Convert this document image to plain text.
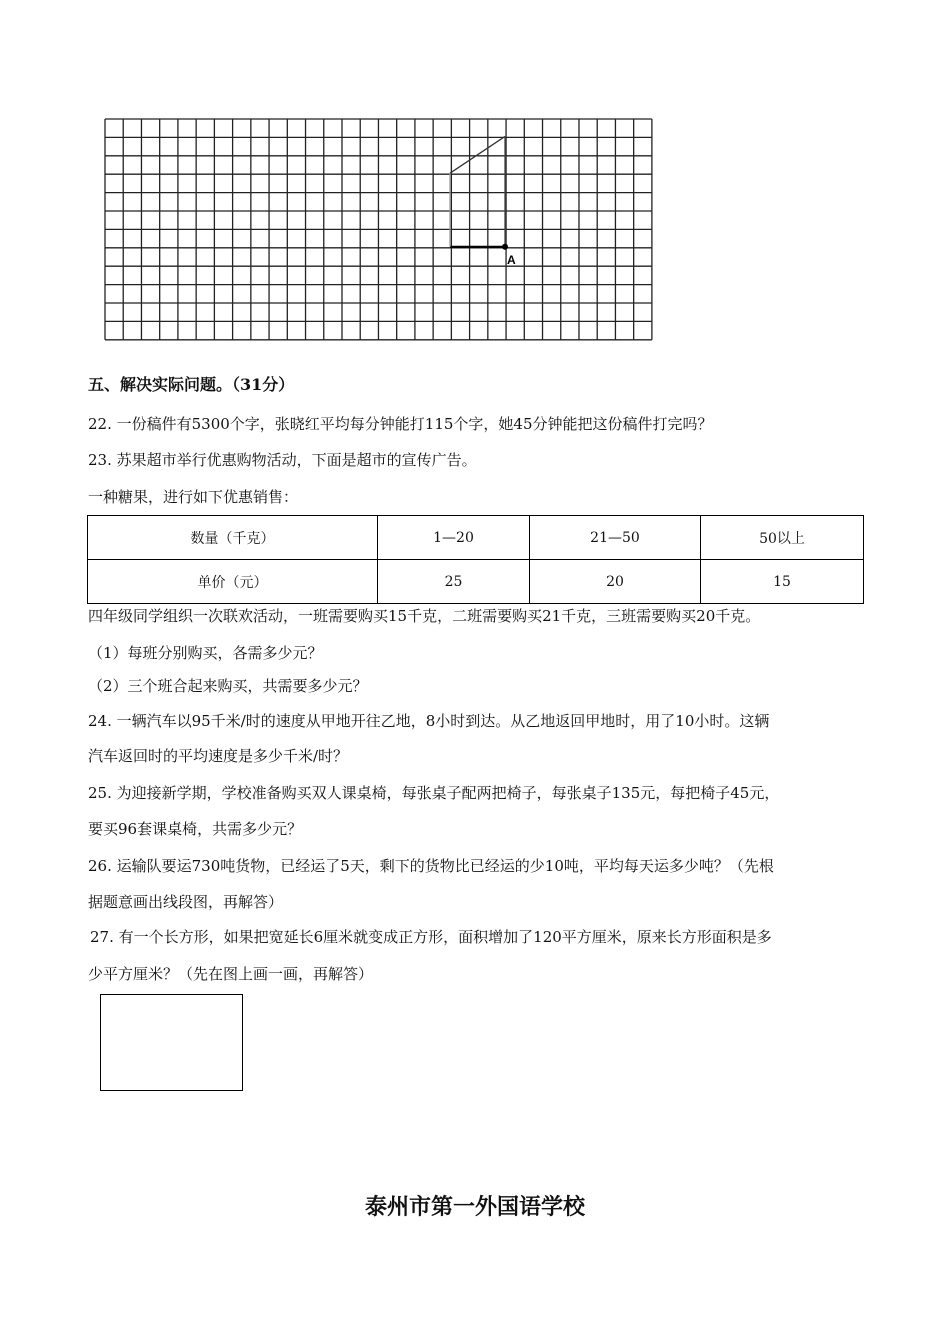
A
五、解决实际问题。（31分）
22. 一份稿件有5300个字，张晓红平均每分钟能打115个字，她45分钟能把这份稿件打完吗？
23. 苏果超市举行优惠购物活动，下面是超市的宣传广告。
一种糖果，进行如下优惠销售：
数量（千克）	1—20	21—50	50以上
单价（元）	25	20	15
四年级同学组织一次联欢活动，一班需要购买15千克，二班需要购买21千克，三班需要购买20千克。
（1）每班分别购买，各需多少元？
（2）三个班合起来购买，共需要多少元？
24. 一辆汽车以95千米/时的速度从甲地开往乙地，8小时到达。从乙地返回甲地时，用了10小时。这辆
汽车返回时的平均速度是多少千米/时？
25. 为迎接新学期，学校准备购买双人课桌椅，每张桌子配两把椅子，每张桌子135元，每把椅子45元，
要买96套课桌椅，共需多少元？
26. 运输队要运730吨货物，已经运了5天，剩下的货物比已经运的少10吨，平均每天运多少吨？（先根
据题意画出线段图，再解答）
27. 有一个长方形，如果把宽延长6厘米就变成正方形，面积增加了120平方厘米，原来长方形面积是多
少平方厘米？（先在图上画一画，再解答）
泰州市第一外国语学校
